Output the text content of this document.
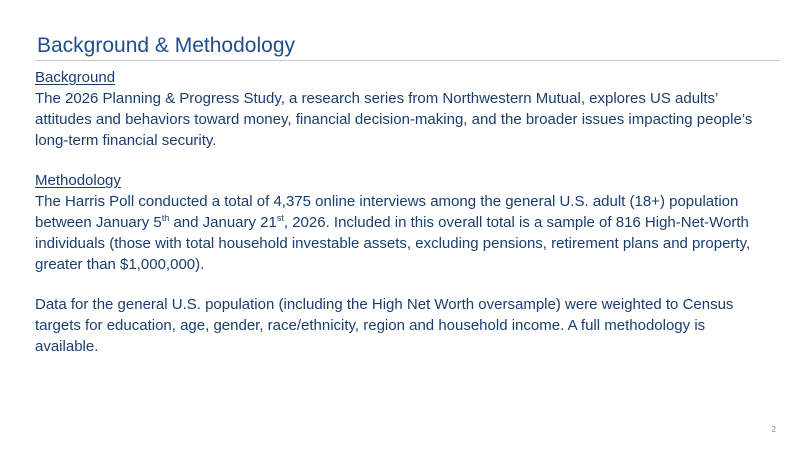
Background & Methodology
Background

The 2026 Planning & Progress Study, a research series from Northwestern Mutual, explores US adults’ attitudes and behaviors toward money, financial decision-making, and the broader issues impacting people’s long-term financial security.

Methodology

The Harris Poll conducted a total of 4,375 online interviews among the general U.S. adult (18+) population between January 5th and January 21st, 2026. Included in this overall total is a sample of 816 High-Net-Worth individuals (those with total household investable assets, excluding pensions, retirement plans and property, greater than $1,000,000).

Data for the general U.S. population (including the High Net Worth oversample) were weighted to Census targets for education, age, gender, race/ethnicity, region and household income. A full methodology is available.

2
